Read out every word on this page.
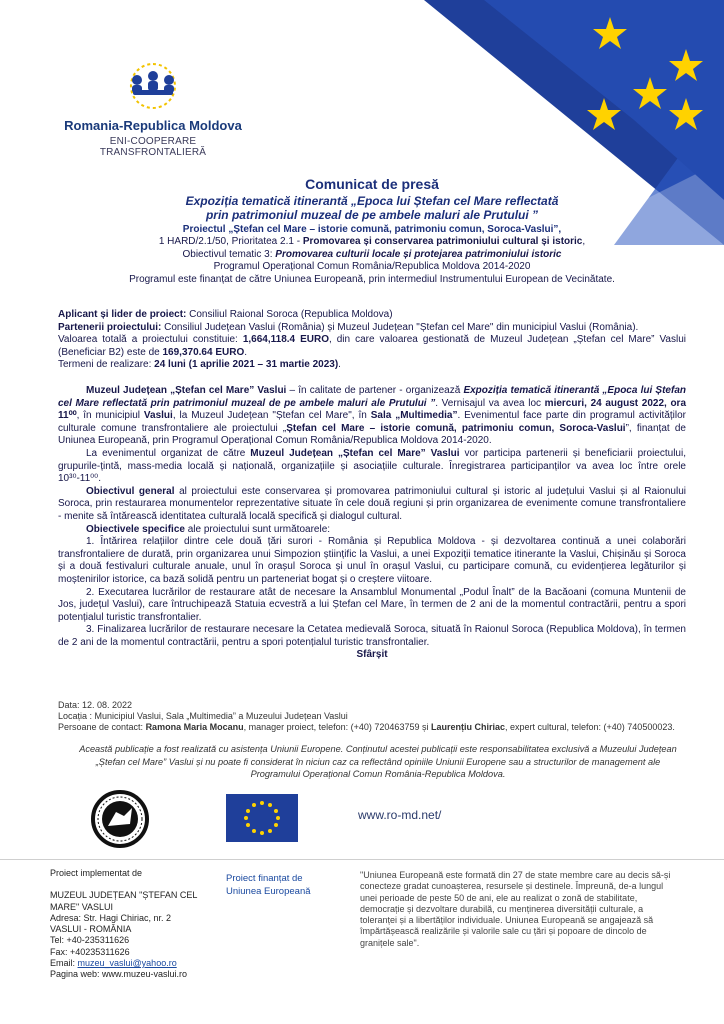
Romania-Republica Moldova
ENI-COOPERARE TRANSFRONTALIERĂ
Comunicat de presă
Expoziția tematică itinerantă „Epoca lui Ștefan cel Mare reflectată
prin patrimoniul muzeal de pe ambele maluri ale Prutului ”
Proiectul „Ștefan cel Mare – istorie comună, patrimoniu comun, Soroca-Vaslui”,
1 HARD/2.1/50, Prioritatea 2.1 - Promovarea și conservarea patrimoniului cultural și istoric,
Obiectivul tematic 3: Promovarea culturii locale și protejarea patrimoniului istoric
Programul Operațional Comun România/Republica Moldova 2014-2020
Programul este finanțat de către Uniunea Europeană, prin intermediul Instrumentului European de Vecinătate.

Aplicant și lider de proiect: Consiliul Raional Soroca (Republica Moldova)

Partenerii proiectului: Consiliul Județean Vaslui (România) și Muzeul Județean "Ștefan cel Mare" din municipiul Vaslui (România).

Valoarea totală a proiectului constituie: 1,664,118.4 EURO, din care valoarea gestionată de Muzeul Județean „Ștefan cel Mare” Vaslui (Beneficiar B2) este de 169,370.64 EURO.

Termeni de realizare: 24 luni (1 aprilie 2021 – 31 martie 2023).

Muzeul Județean „Ștefan cel Mare” Vaslui – în calitate de partener - organizează Expoziția tematică itinerantă „Epoca lui Ștefan cel Mare reflectată prin patrimoniul muzeal de pe ambele maluri ale Prutului ”. Vernisajul va avea loc miercuri, 24 august 2022, ora 11⁰⁰, în municipiul Vaslui, la Muzeul Județean "Ștefan cel Mare", în Sala „Multimedia”. Evenimentul face parte din programul activităților culturale comune transfrontaliere ale proiectului „Ștefan cel Mare – istorie comună, patrimoniu comun, Soroca-Vaslui”, finanțat de Uniunea Europeană, prin Programul Operațional Comun România/Republica Moldova 2014-2020.

La evenimentul organizat de către Muzeul Județean „Ștefan cel Mare” Vaslui vor participa partenerii și beneficiarii proiectului, grupurile-țintă, mass-media locală și națională, organizațiile și asociațiile culturale. Înregistrarea participanților va avea loc între orele 10³⁰-11⁰⁰.

Obiectivul general al proiectului este conservarea și promovarea patrimoniului cultural și istoric al județului Vaslui și al Raionului Soroca, prin restaurarea monumentelor reprezentative situate în cele două regiuni și prin organizarea de evenimente comune transfrontaliere - menite să întărească identitatea culturală locală specifică și dialogul cultural.

Obiectivele specifice ale proiectului sunt următoarele:

1. Întărirea relațiilor dintre cele două țări surori - România și Republica Moldova - și dezvoltarea continuă a unei colaborări transfrontaliere de durată, prin organizarea unui Simpozion științific la Vaslui, a unei Expoziții tematice itinerante la Vaslui, Chișinău și Soroca și a două festivaluri culturale anuale, unul în orașul Soroca și unul în orașul Vaslui, cu participare comună, cu evidențierea legăturilor și moștenirilor istorice, ca bază solidă pentru un parteneriat bogat și o creștere viitoare.

2. Executarea lucrărilor de restaurare atât de necesare la Ansamblul Monumental „Podul Înalt” de la Bacăoani (comuna Muntenii de Jos, județul Vaslui), care întruchipează Statuia ecvestră a lui Ștefan cel Mare, în termen de 2 ani de la momentul contractării, pentru a spori potențialul turistic transfrontalier.

3. Finalizarea lucrărilor de restaurare necesare la Cetatea medievală Soroca, situată în Raionul Soroca (Republica Moldova), în termen de 2 ani de la momentul contractării, pentru a spori potențialul turistic transfrontalier.

Sfârșit
Data: 12. 08. 2022
Locația : Municipiul Vaslui, Sala „Multimedia” a Muzeului Județean Vaslui
Persoane de contact: Ramona Maria Mocanu, manager proiect, telefon: (+40) 720463759 și Laurențiu Chiriac, expert cultural, telefon: (+40) 740500023.
Această publicație a fost realizată cu asistența Uniunii Europene. Conținutul acestei publicații este responsabilitatea exclusivă a Muzeului Județean „Ștefan cel Mare” Vaslui și nu poate fi considerat în niciun caz ca reflectând opiniile Uniunii Europene sau a structurilor de management ale Programului Operațional Comun România-Republica Moldova.
www.ro-md.net/
Proiect implementat de
MUZEUL JUDEȚEAN "ȘTEFAN CEL MARE" VASLUI
Adresa: Str. Hagi Chiriac, nr. 2
VASLUI - ROMÂNIA
Tel: +40-235311626
Fax: +40235311626
Email: muzeu_vaslui@yahoo.ro
Pagina web: www.muzeu-vaslui.ro
Proiect finanțat de Uniunea Europeană
"Uniunea Europeană este formată din 27 de state membre care au decis să-și conecteze gradat cunoașterea, resursele și destinele. Împreună, de-a lungul unei perioade de peste 50 de ani, ele au realizat o zonă de stabilitate, democrație și dezvoltare durabilă, cu menținerea diversității culturale, a toleranței și a libertăților individuale. Uniunea Europeană se angajează să împărtășească realizările și valorile sale cu țări și popoare de dincolo de granițele sale".
